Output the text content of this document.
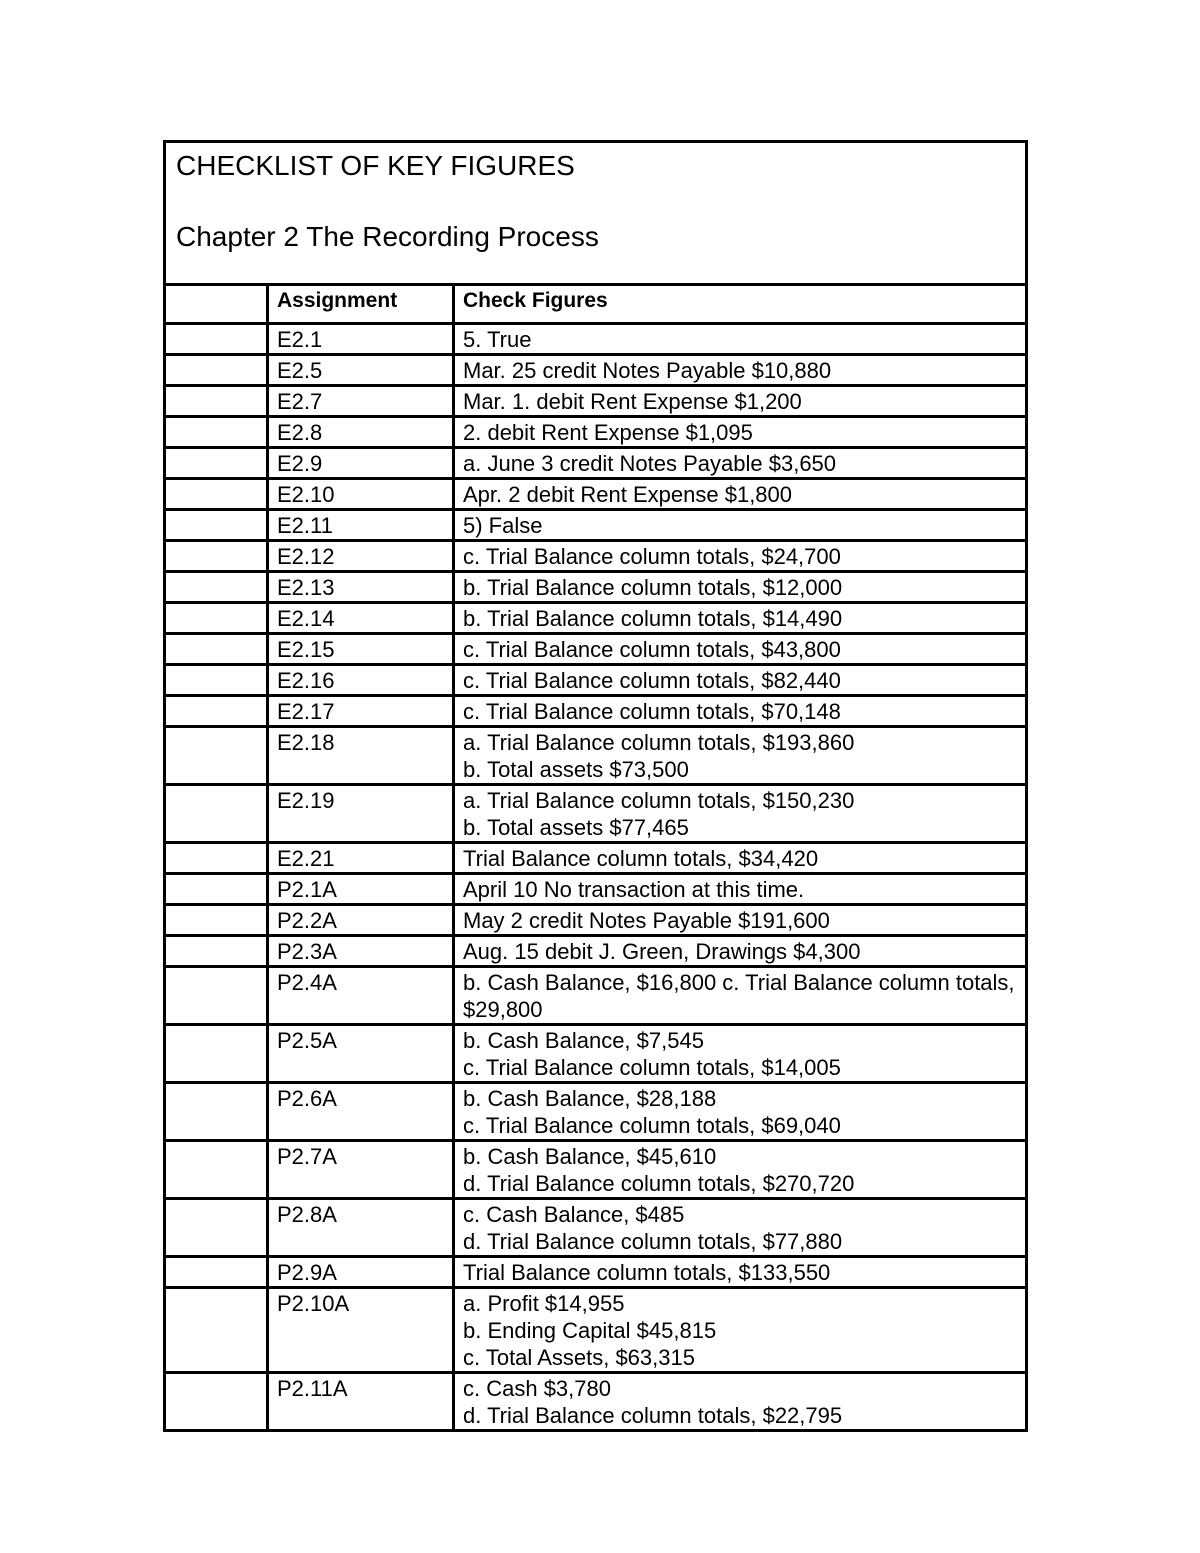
CHECKLIST OF KEY FIGURES
Chapter 2 The Recording Process
Assignment	Check Figures
E2.1	5. True
E2.5	Mar. 25 credit Notes Payable $10,880
E2.7	Mar. 1. debit Rent Expense $1,200
E2.8	2. debit Rent Expense $1,095
E2.9	a. June 3 credit Notes Payable $3,650
E2.10	Apr. 2 debit Rent Expense $1,800
E2.11	5) False
E2.12	c. Trial Balance column totals, $24,700
E2.13	b. Trial Balance column totals, $12,000
E2.14	b. Trial Balance column totals, $14,490
E2.15	c. Trial Balance column totals, $43,800
E2.16	c. Trial Balance column totals, $82,440
E2.17	c. Trial Balance column totals, $70,148
E2.18	a. Trial Balance column totals, $193,860
b. Total assets $73,500
E2.19	a. Trial Balance column totals, $150,230
b. Total assets $77,465
E2.21	Trial Balance column totals, $34,420
P2.1A	April 10 No transaction at this time.
P2.2A	May 2 credit Notes Payable $191,600
P2.3A	Aug. 15 debit J. Green, Drawings $4,300
P2.4A	b. Cash Balance, $16,800 c. Trial Balance column totals, $29,800
P2.5A	b. Cash Balance, $7,545
c. Trial Balance column totals, $14,005
P2.6A	b. Cash Balance, $28,188
c. Trial Balance column totals, $69,040
P2.7A	b. Cash Balance, $45,610
d. Trial Balance column totals, $270,720
P2.8A	c. Cash Balance, $485
d. Trial Balance column totals, $77,880
P2.9A	Trial Balance column totals, $133,550
P2.10A	a. Profit $14,955
b. Ending Capital $45,815
c. Total Assets, $63,315
P2.11A	c. Cash $3,780
d. Trial Balance column totals, $22,795
